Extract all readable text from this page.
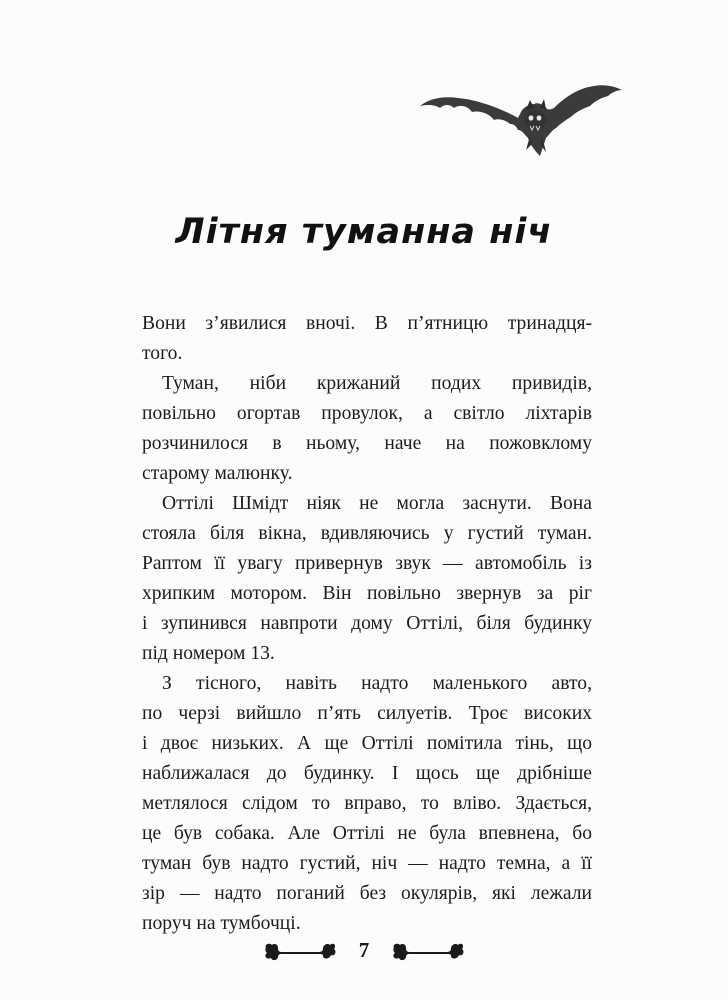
Літня туманна ніч

Вони з’явилися вночі. В п’ятницю тринадця-

того.

Туман, ніби крижаний подих привидів,

повільно огортав провулок, а світло ліхтарів

розчинилося в ньому, наче на пожовклому

старому малюнку.

Оттілі Шмідт ніяк не могла заснути. Вона

стояла біля вікна, вдивляючись у густий туман.

Раптом її увагу привернув звук — автомобіль із

хрипким мотором. Він повільно звернув за ріг

і зупинився навпроти дому Оттілі, біля будинку

під номером 13.

З тісного, навіть надто маленького авто,

по черзі вийшло п’ять силуетів. Троє високих

і двоє низьких. А ще Оттілі помітила тінь, що

наближалася до будинку. І щось ще дрібніше

метлялося слідом то вправо, то вліво. Здається,

це був собака. Але Оттілі не була впевнена, бо

туман був надто густий, ніч — надто темна, а її

зір — надто поганий без окулярів, які лежали

поруч на тумбочці.

7
